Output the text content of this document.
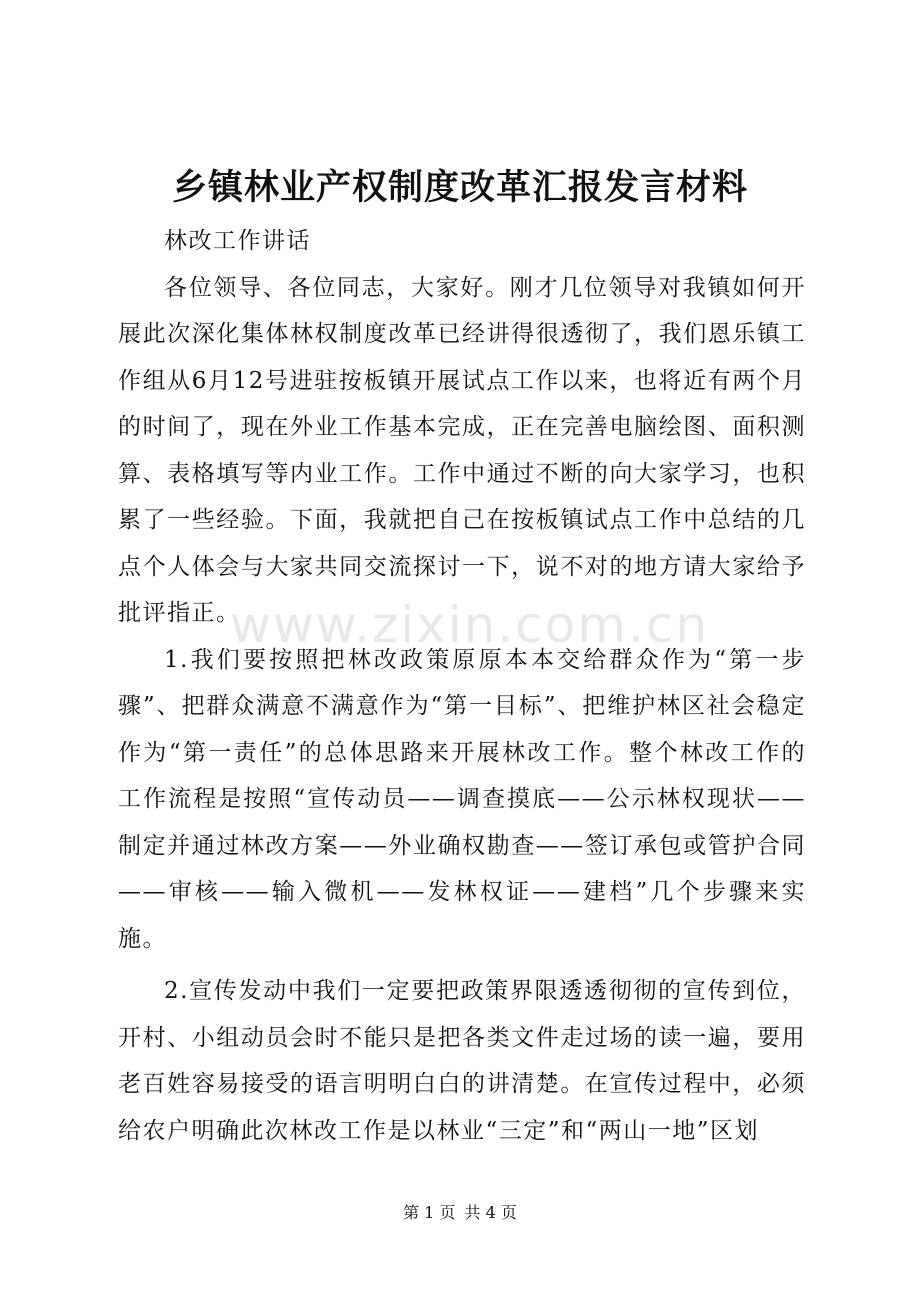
乡镇林业产权制度改革汇报发言材料

林改工作讲话

各位领导、各位同志，大家好。刚才几位领导对我镇如何开展此次深化集体林权制度改革已经讲得很透彻了，我们恩乐镇工作组从6月12号进驻按板镇开展试点工作以来，也将近有两个月的时间了，现在外业工作基本完成，正在完善电脑绘图、面积测算、表格填写等内业工作。工作中通过不断的向大家学习，也积累了一些经验。下面，我就把自己在按板镇试点工作中总结的几点个人体会与大家共同交流探讨一下，说不对的地方请大家给予批评指正。

1.我们要按照把林改政策原原本本交给群众作为“第一步骤”、把群众满意不满意作为“第一目标”、把维护林区社会稳定作为“第一责任”的总体思路来开展林改工作。整个林改工作的工作流程是按照“宣传动员——调查摸底——公示林权现状——制定并通过林改方案——外业确权勘查——签订承包或管护合同——审核——输入微机——发林权证——建档”几个步骤来实施。

2.宣传发动中我们一定要把政策界限透透彻彻的宣传到位，开村、小组动员会时不能只是把各类文件走过场的读一遍，要用老百姓容易接受的语言明明白白的讲清楚。在宣传过程中，必须给农户明确此次林改工作是以林业“三定”和“两山一地”区划

www.zixin.com.cn
第 1 页 共 4 页
